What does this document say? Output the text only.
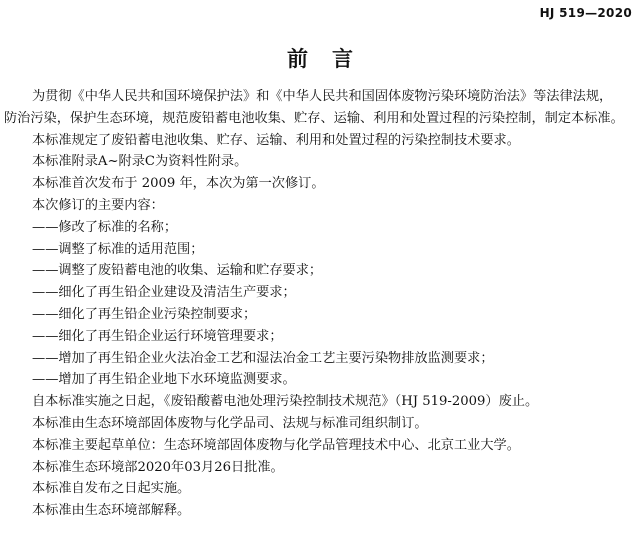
HJ 519—2020
前言

为贯彻《中华人民共和国环境保护法》和《中华人民共和国固体废物污染环境防治法》等法律法规，

防治污染，保护生态环境，规范废铅蓄电池收集、贮存、运输、利用和处置过程的污染控制，制定本标准。

本标准规定了废铅蓄电池收集、贮存、运输、利用和处置过程的污染控制技术要求。

本标准附录A~附录C为资料性附录。

本标准首次发布于 2009 年，本次为第一次修订。

本次修订的主要内容：

——修改了标准的名称；

——调整了标准的适用范围；

——调整了废铅蓄电池的收集、运输和贮存要求；

——细化了再生铅企业建设及清洁生产要求；

——细化了再生铅企业污染控制要求；

——细化了再生铅企业运行环境管理要求；

——增加了再生铅企业火法冶金工艺和湿法冶金工艺主要污染物排放监测要求；

——增加了再生铅企业地下水环境监测要求。

自本标准实施之日起，《废铅酸蓄电池处理污染控制技术规范》（HJ 519-2009）废止。

本标准由生态环境部固体废物与化学品司、法规与标准司组织制订。

本标准主要起草单位：生态环境部固体废物与化学品管理技术中心、北京工业大学。

本标准生态环境部2020年03月26日批准。

本标准自发布之日起实施。

本标准由生态环境部解释。
